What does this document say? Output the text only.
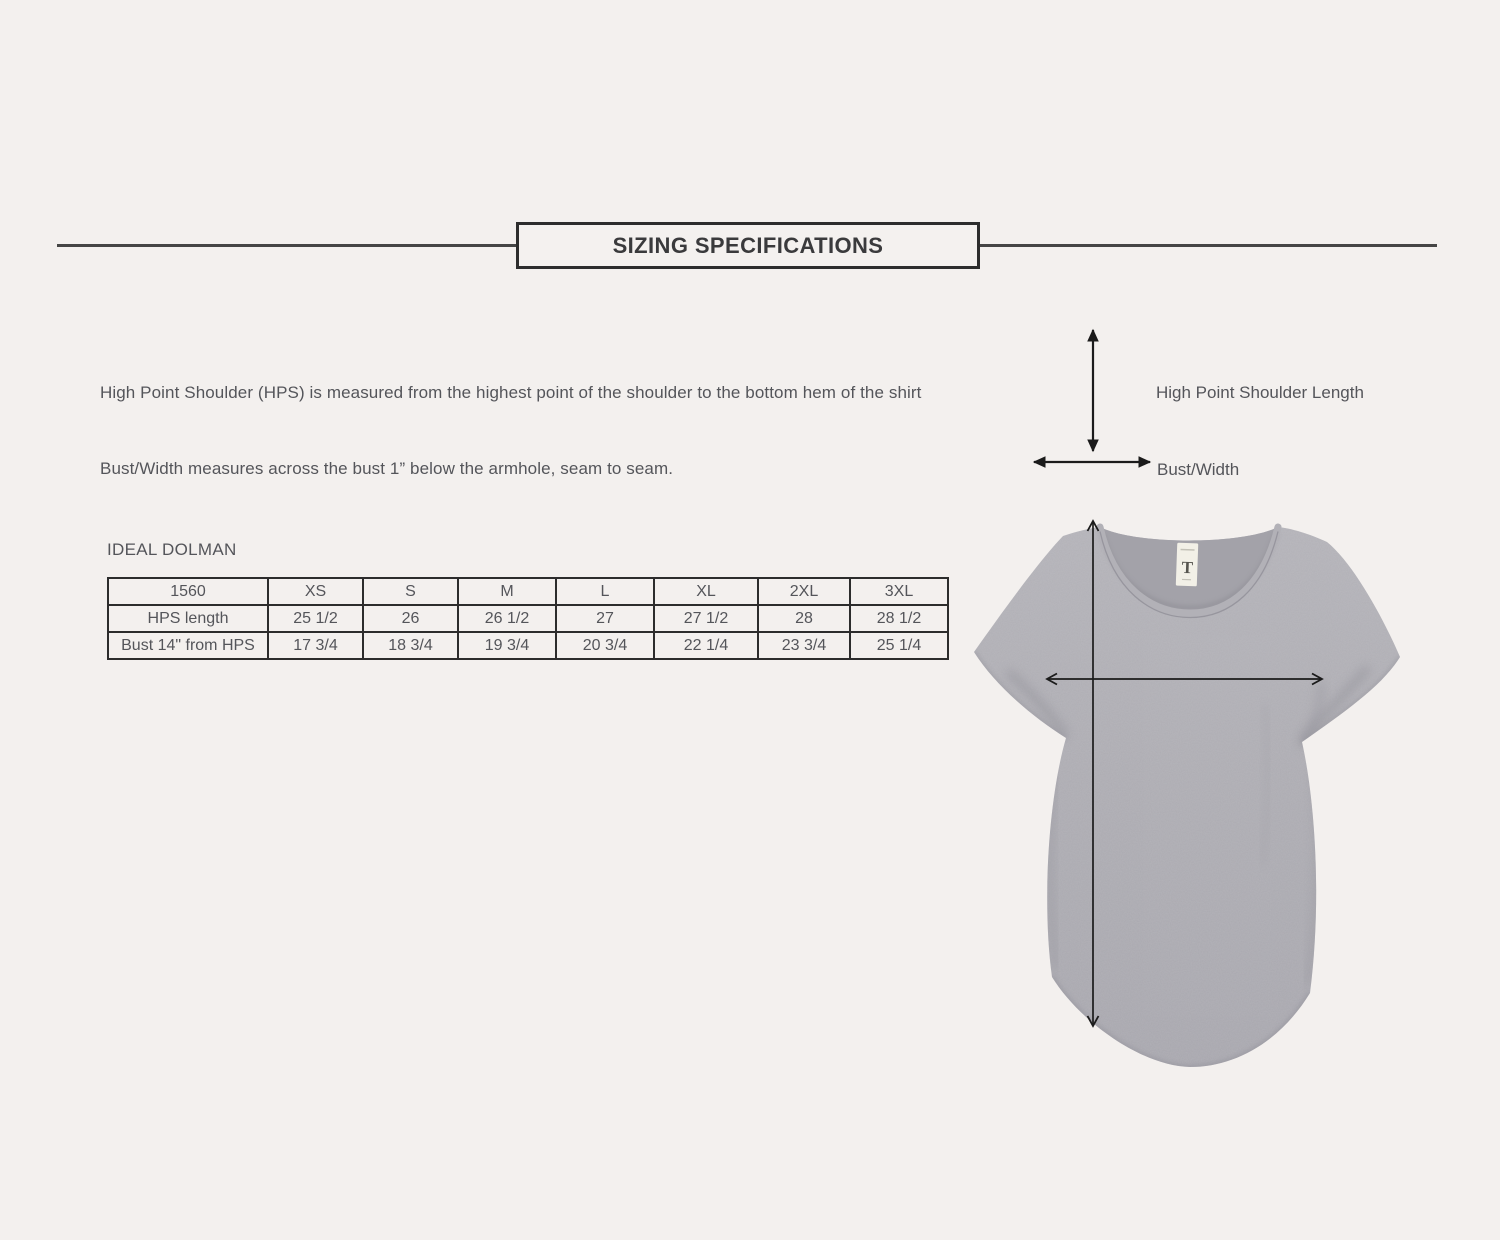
SIZING SPECIFICATIONS

High Point Shoulder (HPS) is measured from the highest point of the shoulder to the bottom hem of the shirt

Bust/Width measures across the bust 1” below the armhole, seam to seam.

High Point Shoulder Length
Bust/Width
IDEAL DOLMAN
1560	XS	S	M	L	XL	2XL	3XL
HPS length	25 1/2	26	26 1/2	27	27 1/2	28	28 1/2
Bust 14" from HPS	17 3/4	18 3/4	19 3/4	20 3/4	22 1/4	23 3/4	25 1/4
T
